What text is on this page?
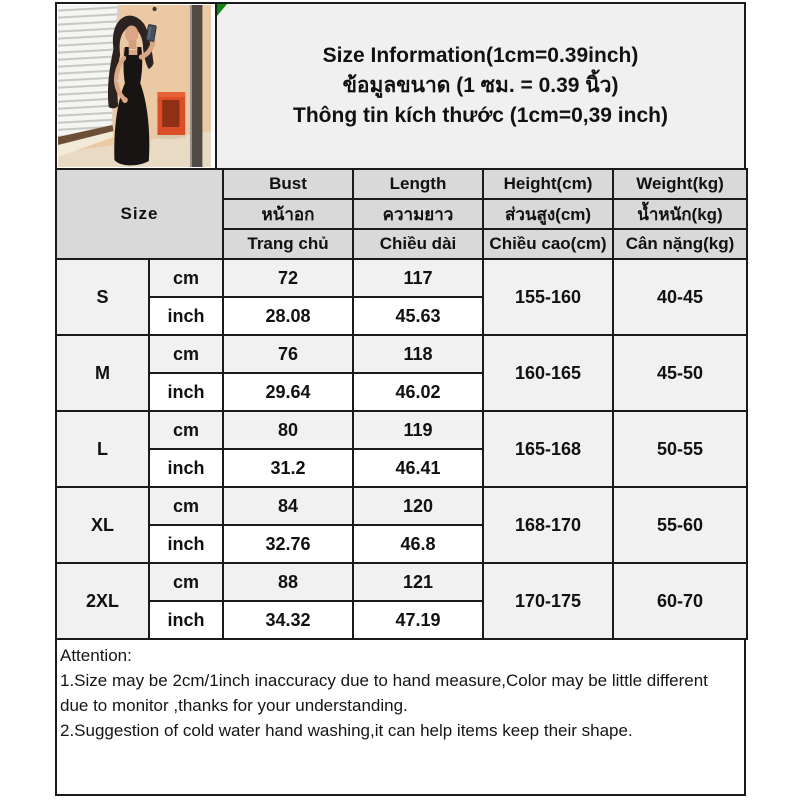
Size Information(1cm=0.39inch)
ข้อมูลขนาด (1 ซม. = 0.39 นิ้ว)
Thông tin kích thước (1cm=0,39 inch)
Size		Bust	Length	Height(cm)	Weight(kg)
		หน้าอก	ความยาว	ส่วนสูง(cm)	น้ำหนัก(kg)
		Trang chủ	Chiều dài	Chiều cao(cm)	Cân nặng(kg)
S	cm	72	117	155-160	40-45
	inch	28.08	45.63		
M	cm	76	118	160-165	45-50
	inch	29.64	46.02		
L	cm	80	119	165-168	50-55
	inch	31.2	46.41		
XL	cm	84	120	168-170	55-60
	inch	32.76	46.8		
2XL	cm	88	121	170-175	60-70
	inch	34.32	47.19		
Attention:
1.Size may be 2cm/1inch inaccuracy due to hand measure,Color may be little different due to monitor ,thanks for your understanding.
2.Suggestion of cold water hand washing,it can help items keep their shape.
